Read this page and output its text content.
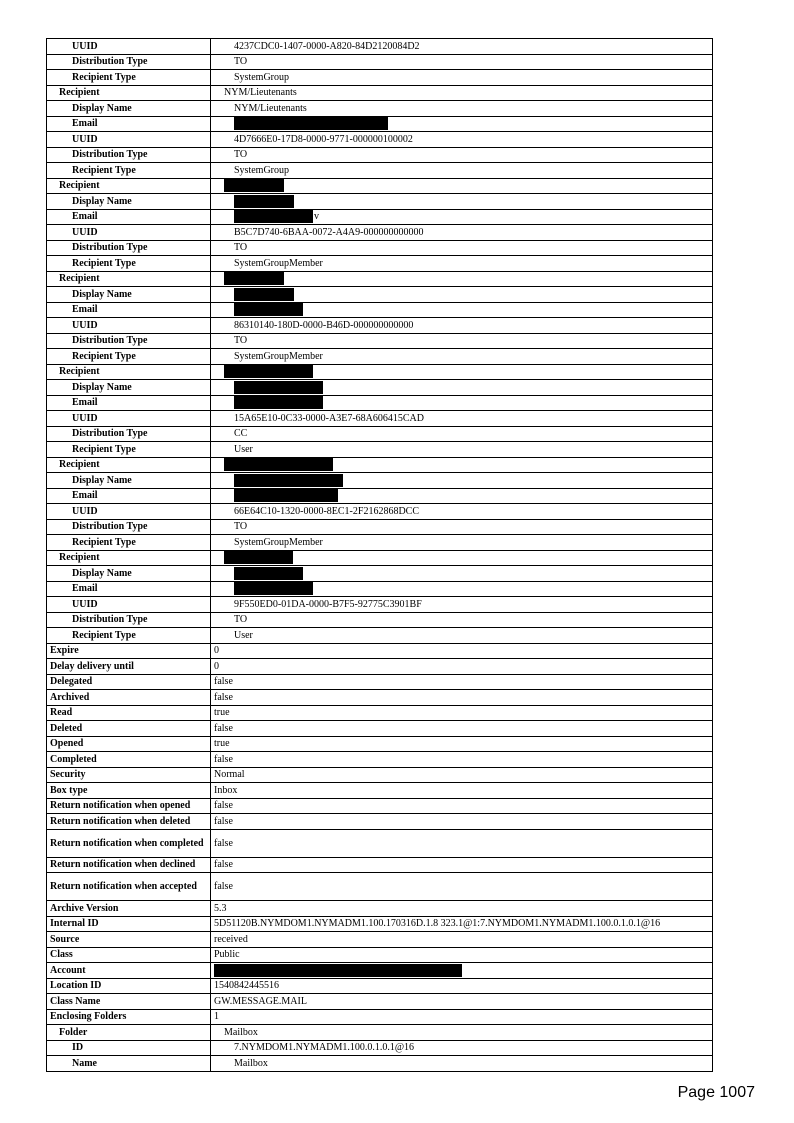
UUID	4237CDC0-1407-0000-A820-84D2120084D2
Distribution Type	TO
Recipient Type	SystemGroup
Recipient	NYM/Lieutenants
Display Name	NYM/Lieutenants
Email	
UUID	4D7666E0-17D8-0000-9771-000000100002
Distribution Type	TO
Recipient Type	SystemGroup
Recipient	
Display Name	
Email	v
UUID	B5C7D740-6BAA-0072-A4A9-000000000000
Distribution Type	TO
Recipient Type	SystemGroupMember
Recipient	
Display Name	
Email	
UUID	86310140-180D-0000-B46D-000000000000
Distribution Type	TO
Recipient Type	SystemGroupMember
Recipient	
Display Name	
Email	
UUID	15A65E10-0C33-0000-A3E7-68A606415CAD
Distribution Type	CC
Recipient Type	User
Recipient	
Display Name	
Email	
UUID	66E64C10-1320-0000-8EC1-2F2162868DCC
Distribution Type	TO
Recipient Type	SystemGroupMember
Recipient	
Display Name	
Email	
UUID	9F550ED0-01DA-0000-B7F5-92775C3901BF
Distribution Type	TO
Recipient Type	User
Expire	0
Delay delivery until	0
Delegated	false
Archived	false
Read	true
Deleted	false
Opened	true
Completed	false
Security	Normal
Box type	Inbox
Return notification when opened	false
Return notification when deleted	false
Return notification when completed	false
Return notification when declined	false
Return notification when accepted	false
Archive Version	5.3
Internal ID	5D51120B.NYMDOM1.NYMADM1.100.170316D.1.8 323.1@1:7.NYMDOM1.NYMADM1.100.0.1.0.1@16
Source	received
Class	Public
Account	
Location ID	1540842445516
Class Name	GW.MESSAGE.MAIL
Enclosing Folders	1
Folder	Mailbox
ID	7.NYMDOM1.NYMADM1.100.0.1.0.1@16
Name	Mailbox
Page 1007
